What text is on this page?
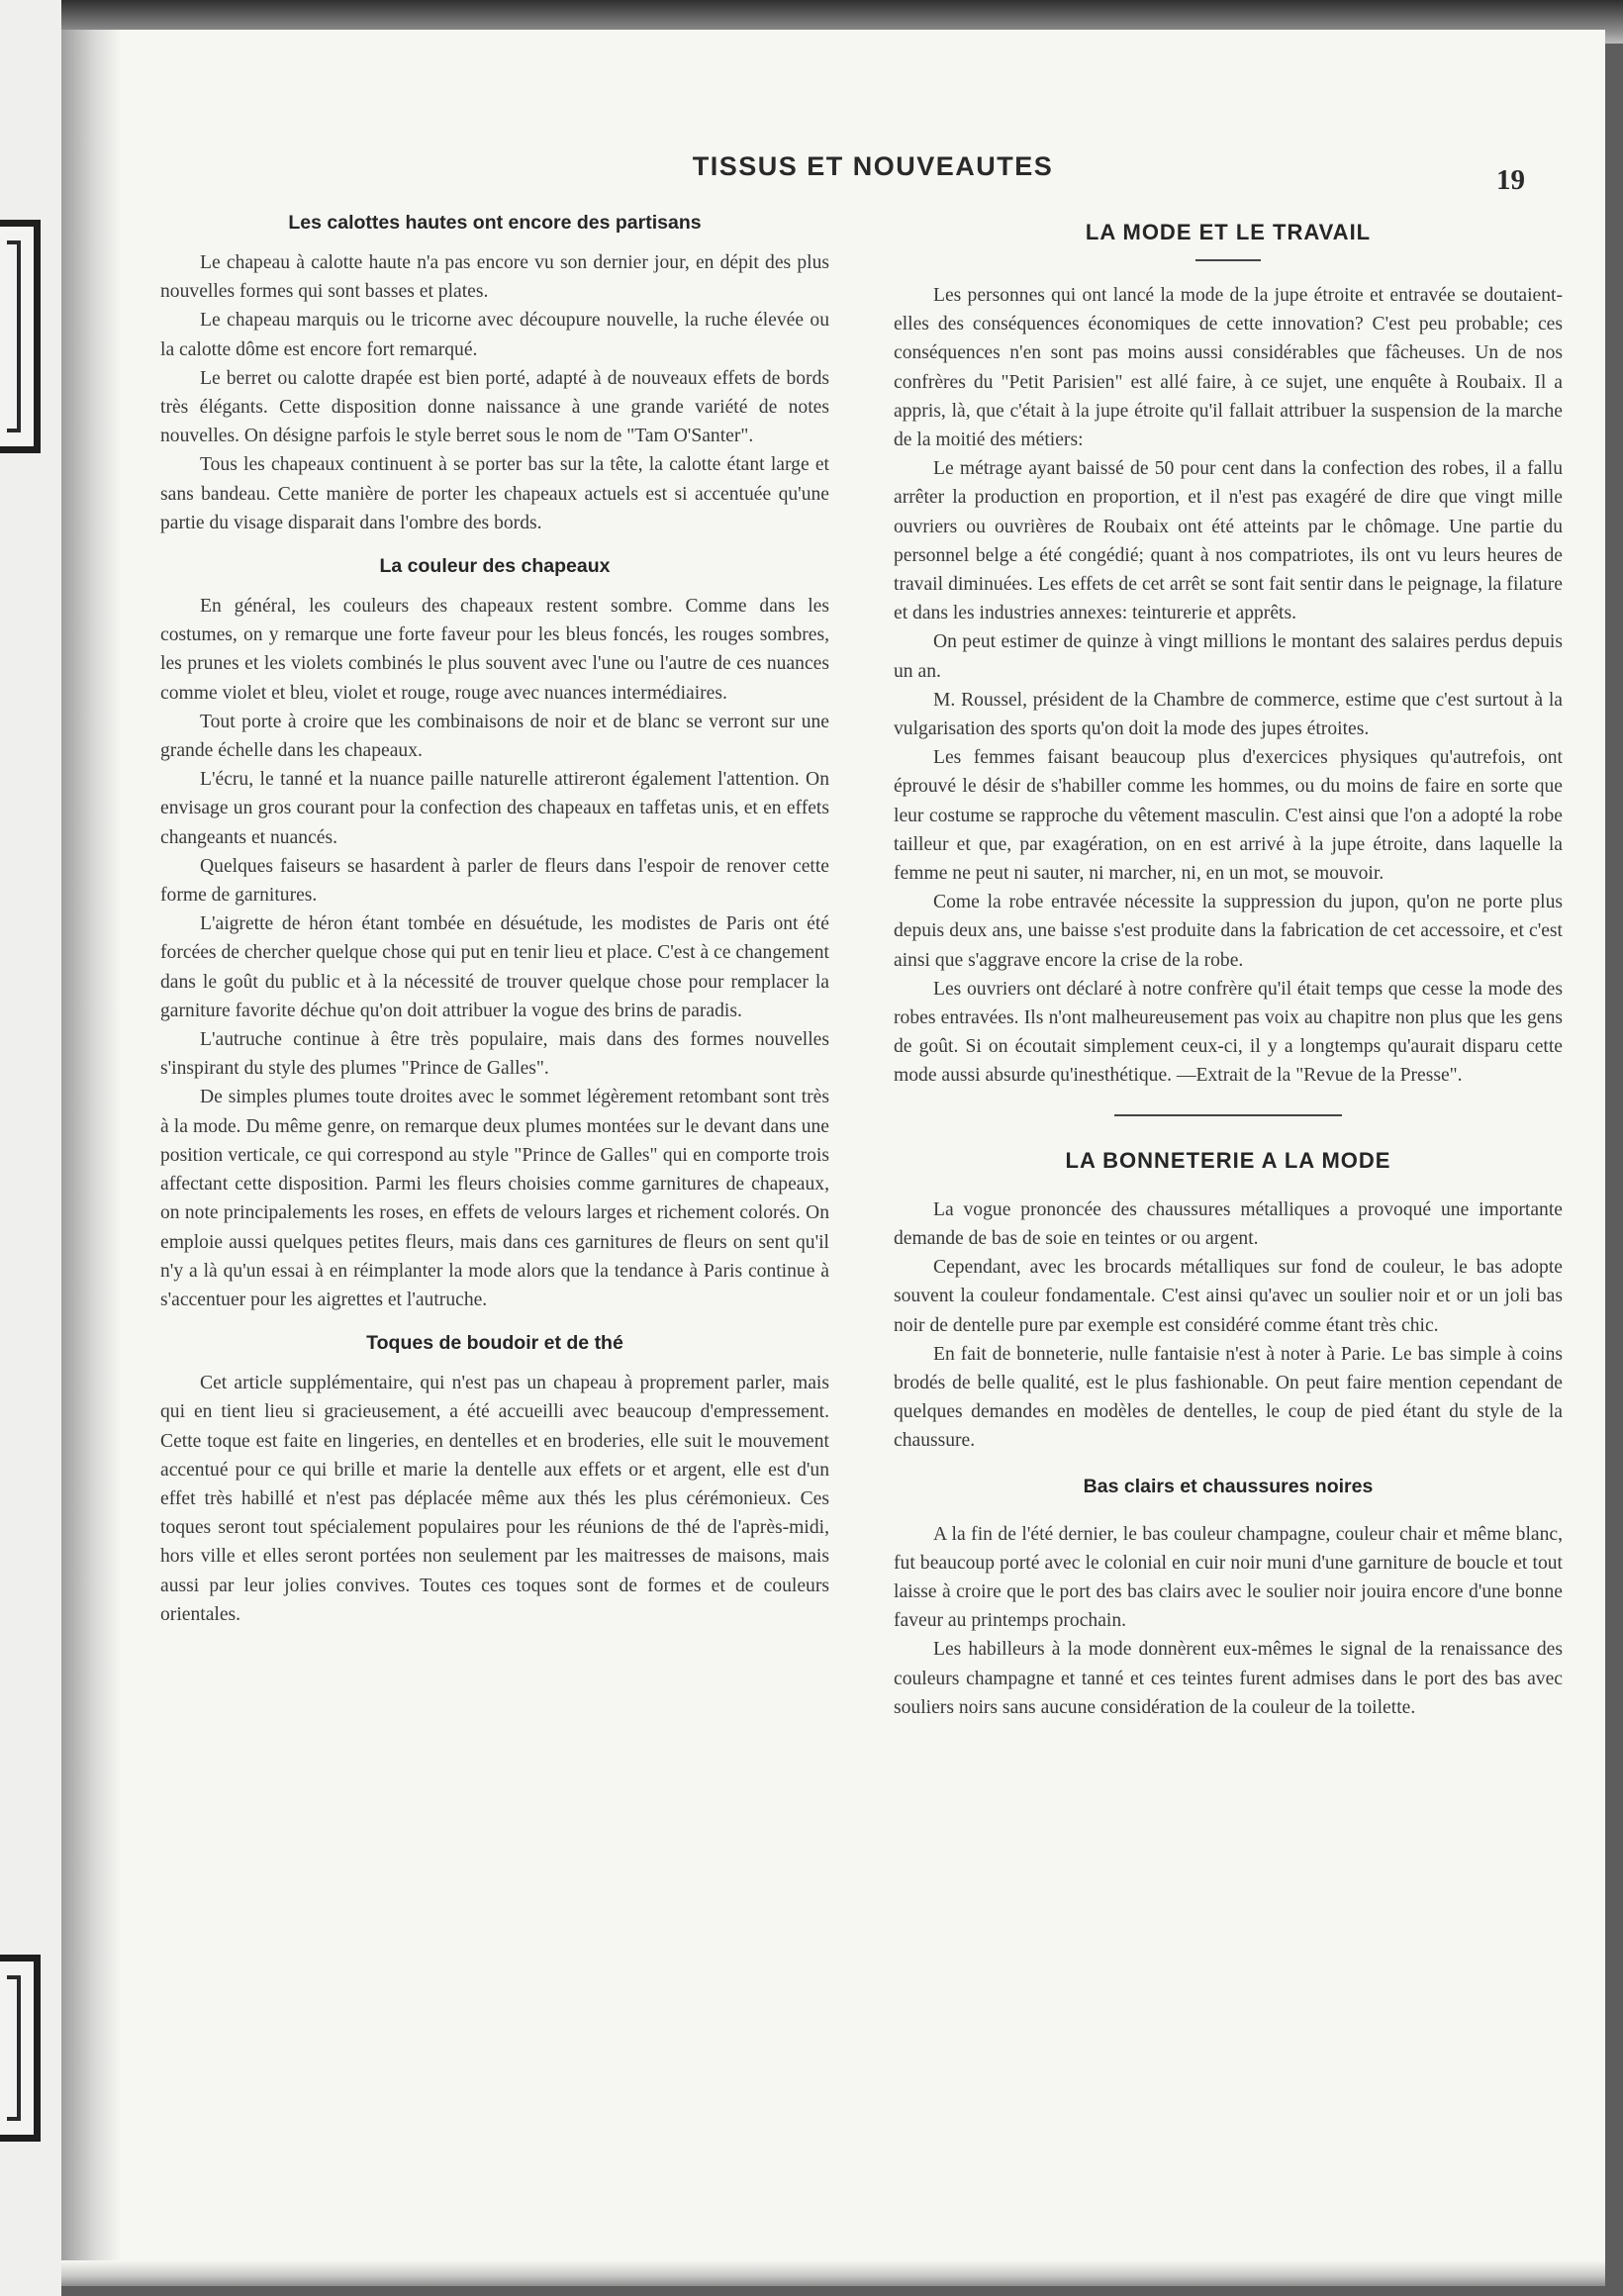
TISSUS ET NOUVEAUTES	19
Les calottes hautes ont encore des partisans

Le chapeau à calotte haute n'a pas encore vu son dernier jour, en dépit des plus nouvelles formes qui sont basses et plates.

Le chapeau marquis ou le tricorne avec découpure nouvelle, la ruche élevée ou la calotte dôme est encore fort remarqué.

Le berret ou calotte drapée est bien porté, adapté à de nouveaux effets de bords très élégants. Cette disposition donne naissance à une grande variété de notes nouvelles. On désigne parfois le style berret sous le nom de "Tam O'Santer".

Tous les chapeaux continuent à se porter bas sur la tête, la calotte étant large et sans bandeau. Cette manière de porter les chapeaux actuels est si accentuée qu'une partie du visage disparait dans l'ombre des bords.

La couleur des chapeaux

En général, les couleurs des chapeaux restent sombre. Comme dans les costumes, on y remarque une forte faveur pour les bleus foncés, les rouges sombres, les prunes et les violets combinés le plus souvent avec l'une ou l'autre de ces nuances comme violet et bleu, violet et rouge, rouge avec nuances intermédiaires.

Tout porte à croire que les combinaisons de noir et de blanc se verront sur une grande échelle dans les chapeaux.

L'écru, le tanné et la nuance paille naturelle attireront également l'attention. On envisage un gros courant pour la confection des chapeaux en taffetas unis, et en effets changeants et nuancés.

Quelques faiseurs se hasardent à parler de fleurs dans l'espoir de renover cette forme de garnitures.

L'aigrette de héron étant tombée en désuétude, les modistes de Paris ont été forcées de chercher quelque chose qui put en tenir lieu et place. C'est à ce changement dans le goût du public et à la nécessité de trouver quelque chose pour remplacer la garniture favorite déchue qu'on doit attribuer la vogue des brins de paradis.

L'autruche continue à être très populaire, mais dans des formes nouvelles s'inspirant du style des plumes "Prince de Galles".

De simples plumes toute droites avec le sommet légèrement retombant sont très à la mode. Du même genre, on remarque deux plumes montées sur le devant dans une position verticale, ce qui correspond au style "Prince de Galles" qui en comporte trois affectant cette disposition. Parmi les fleurs choisies comme garnitures de chapeaux, on note principalements les roses, en effets de velours larges et richement colorés. On emploie aussi quelques petites fleurs, mais dans ces garnitures de fleurs on sent qu'il n'y a là qu'un essai à en réimplanter la mode alors que la tendance à Paris continue à s'accentuer pour les aigrettes et l'autruche.

Toques de boudoir et de thé

Cet article supplémentaire, qui n'est pas un chapeau à proprement parler, mais qui en tient lieu si gracieusement, a été accueilli avec beaucoup d'empressement. Cette toque est faite en lingeries, en dentelles et en broderies, elle suit le mouvement accentué pour ce qui brille et marie la dentelle aux effets or et argent, elle est d'un effet très habillé et n'est pas déplacée même aux thés les plus cérémonieux. Ces toques seront tout spécialement populaires pour les réunions de thé de l'après-midi, hors ville et elles seront portées non seulement par les maitresses de maisons, mais aussi par leur jolies convives. Toutes ces toques sont de formes et de couleurs orientales.

LA MODE ET LE TRAVAIL

Les personnes qui ont lancé la mode de la jupe étroite et entravée se doutaient-elles des conséquences économiques de cette innovation? C'est peu probable; ces conséquences n'en sont pas moins aussi considérables que fâcheuses. Un de nos confrères du "Petit Parisien" est allé faire, à ce sujet, une enquête à Roubaix. Il a appris, là, que c'était à la jupe étroite qu'il fallait attribuer la suspension de la marche de la moitié des métiers:

Le métrage ayant baissé de 50 pour cent dans la confection des robes, il a fallu arrêter la production en proportion, et il n'est pas exagéré de dire que vingt mille ouvriers ou ouvrières de Roubaix ont été atteints par le chômage. Une partie du personnel belge a été congédié; quant à nos compatriotes, ils ont vu leurs heures de travail diminuées. Les effets de cet arrêt se sont fait sentir dans le peignage, la filature et dans les industries annexes: teinturerie et apprêts.

On peut estimer de quinze à vingt millions le montant des salaires perdus depuis un an.

M. Roussel, président de la Chambre de commerce, estime que c'est surtout à la vulgarisation des sports qu'on doit la mode des jupes étroites.

Les femmes faisant beaucoup plus d'exercices physiques qu'autrefois, ont éprouvé le désir de s'habiller comme les hommes, ou du moins de faire en sorte que leur costume se rapproche du vêtement masculin. C'est ainsi que l'on a adopté la robe tailleur et que, par exagération, on en est arrivé à la jupe étroite, dans laquelle la femme ne peut ni sauter, ni marcher, ni, en un mot, se mouvoir.

Come la robe entravée nécessite la suppression du jupon, qu'on ne porte plus depuis deux ans, une baisse s'est produite dans la fabrication de cet accessoire, et c'est ainsi que s'aggrave encore la crise de la robe.

Les ouvriers ont déclaré à notre confrère qu'il était temps que cesse la mode des robes entravées. Ils n'ont malheureusement pas voix au chapitre non plus que les gens de goût. Si on écoutait simplement ceux-ci, il y a longtemps qu'aurait disparu cette mode aussi absurde qu'inesthétique. —Extrait de la "Revue de la Presse".

LA BONNETERIE A LA MODE

La vogue prononcée des chaussures métalliques a provoqué une importante demande de bas de soie en teintes or ou argent.

Cependant, avec les brocards métalliques sur fond de couleur, le bas adopte souvent la couleur fondamentale. C'est ainsi qu'avec un soulier noir et or un joli bas noir de dentelle pure par exemple est considéré comme étant très chic.

En fait de bonneterie, nulle fantaisie n'est à noter à Parie. Le bas simple à coins brodés de belle qualité, est le plus fashionable. On peut faire mention cependant de quelques demandes en modèles de dentelles, le coup de pied étant du style de la chaussure.

Bas clairs et chaussures noires

A la fin de l'été dernier, le bas couleur champagne, couleur chair et même blanc, fut beaucoup porté avec le colonial en cuir noir muni d'une garniture de boucle et tout laisse à croire que le port des bas clairs avec le soulier noir jouira encore d'une bonne faveur au printemps prochain.

Les habilleurs à la mode donnèrent eux-mêmes le signal de la renaissance des couleurs champagne et tanné et ces teintes furent admises dans le port des bas avec souliers noirs sans aucune considération de la couleur de la toilette.
